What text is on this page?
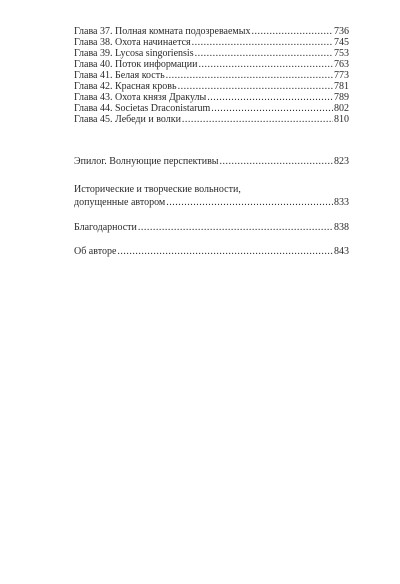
Глава 37. Полная комната подозреваемых .....	736
Глава 38. Охота начинается .....	745
Глава 39. Lycosa singoriensis .....	753
Глава 40. Поток информации .....	763
Глава 41. Белая кость .....	773
Глава 42. Красная кровь .....	781
Глава 43. Охота князя Дракулы .....	789
Глава 44. Societas Draconistarum .....	802
Глава 45. Лебеди и волки .....	810
Эпилог. Волнующие перспективы .....	823
Исторические и творческие вольности,
допущенные автором .....	833
Благодарности .....	838
Об авторе .....	843
